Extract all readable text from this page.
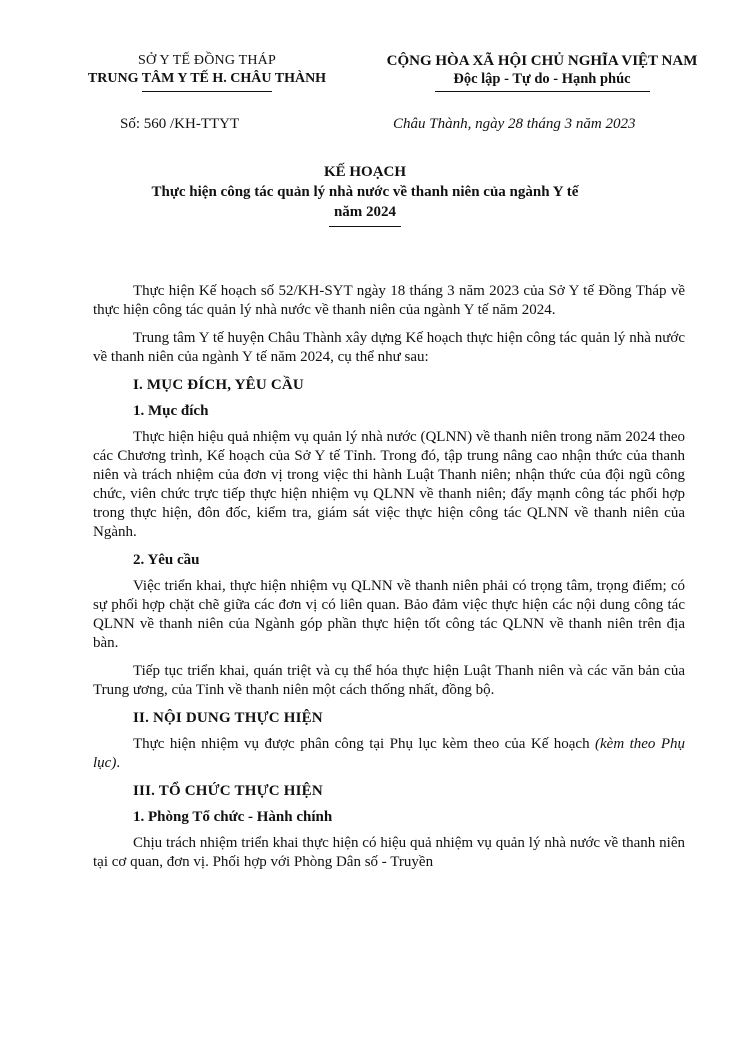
SỞ Y TẾ ĐỒNG THÁP
TRUNG TÂM Y TẾ H. CHÂU THÀNH
CỘNG HÒA XÃ HỘI CHỦ NGHĨA VIỆT NAM
Độc lập - Tự do - Hạnh phúc
Số: 560 /KH-TTYT	Châu Thành, ngày 28 tháng 3 năm 2023
KẾ HOẠCH
Thực hiện công tác quản lý nhà nước về thanh niên của ngành Y tế
năm 2024

Thực hiện Kế hoạch số 52/KH-SYT ngày 18 tháng 3 năm 2023 của Sở Y tế Đồng Tháp về thực hiện công tác quản lý nhà nước về thanh niên của ngành Y tế năm 2024.

Trung tâm Y tế huyện Châu Thành xây dựng Kế hoạch thực hiện công tác quản lý nhà nước về thanh niên của ngành Y tế năm 2024, cụ thể như sau:

I. MỤC ĐÍCH, YÊU CẦU
1. Mục đích

Thực hiện hiệu quả nhiệm vụ quản lý nhà nước (QLNN) về thanh niên trong năm 2024 theo các Chương trình, Kế hoạch của Sở Y tế Tỉnh. Trong đó, tập trung nâng cao nhận thức của thanh niên và trách nhiệm của đơn vị trong việc thi hành Luật Thanh niên; nhận thức của đội ngũ công chức, viên chức trực tiếp thực hiện nhiệm vụ QLNN về thanh niên; đẩy mạnh công tác phối hợp trong thực hiện, đôn đốc, kiểm tra, giám sát việc thực hiện công tác QLNN về thanh niên của Ngành.

2. Yêu cầu

Việc triển khai, thực hiện nhiệm vụ QLNN về thanh niên phải có trọng tâm, trọng điểm; có sự phối hợp chặt chẽ giữa các đơn vị có liên quan. Bảo đảm việc thực hiện các nội dung công tác QLNN về thanh niên của Ngành góp phần thực hiện tốt công tác QLNN về thanh niên trên địa bàn.

Tiếp tục triển khai, quán triệt và cụ thể hóa thực hiện Luật Thanh niên và các văn bản của Trung ương, của Tỉnh về thanh niên một cách thống nhất, đồng bộ.

II. NỘI DUNG THỰC HIỆN

Thực hiện nhiệm vụ được phân công tại Phụ lục kèm theo của Kế hoạch (kèm theo Phụ lục).

III. TỔ CHỨC THỰC HIỆN
1. Phòng Tổ chức - Hành chính

Chịu trách nhiệm triển khai thực hiện có hiệu quả nhiệm vụ quản lý nhà nước về thanh niên tại cơ quan, đơn vị. Phối hợp với Phòng Dân số - Truyền
